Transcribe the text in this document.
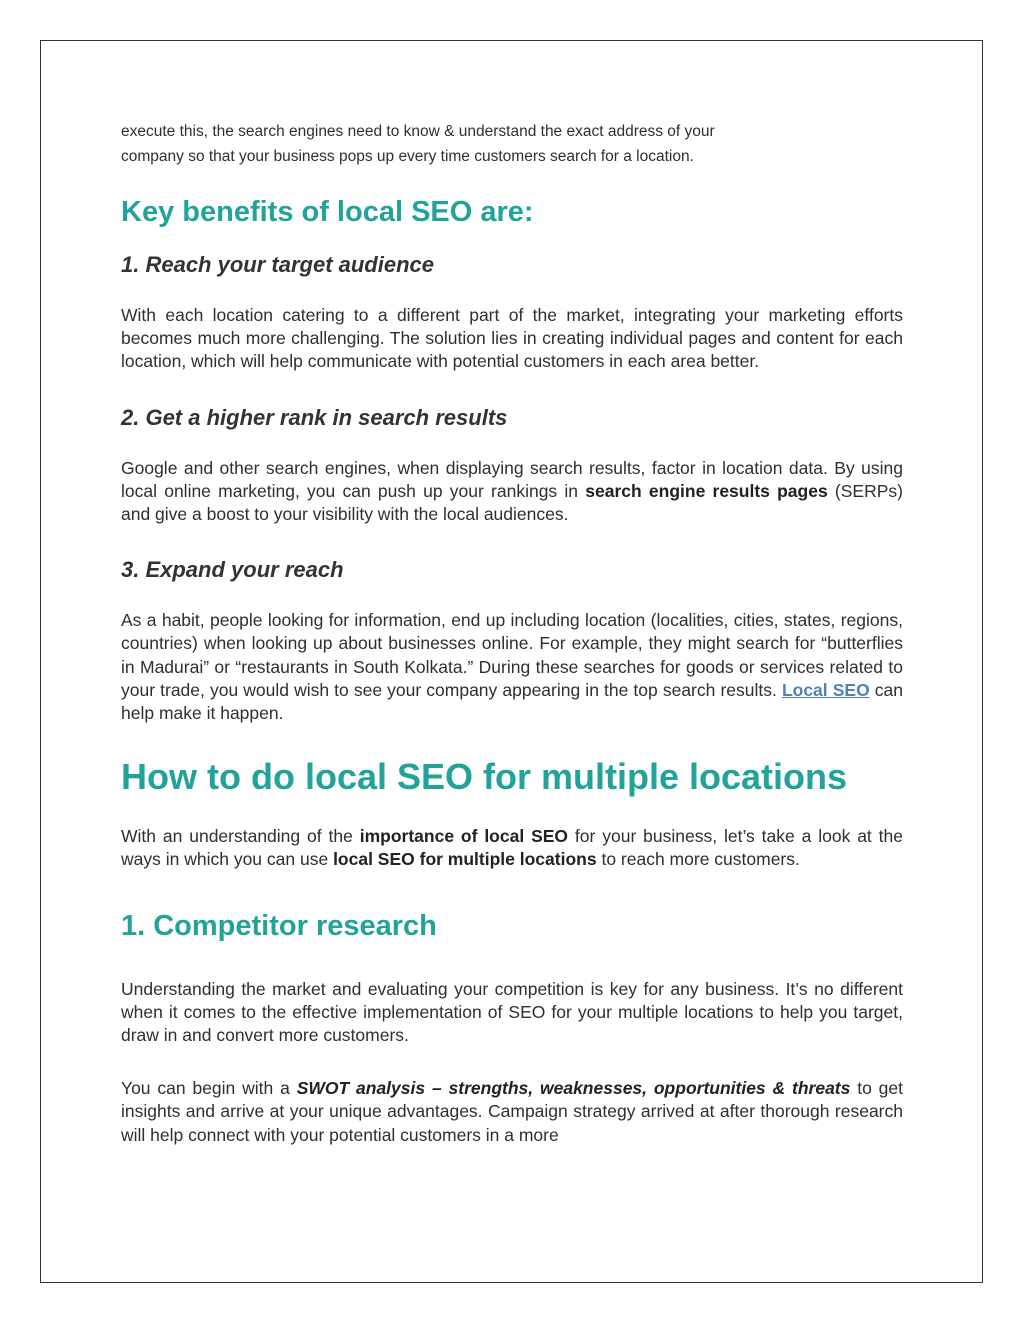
execute this, the search engines need to know & understand the exact address of your

company so that your business pops up every time customers search for a location.

Key benefits of local SEO are:
1. Reach your target audience

With each location catering to a different part of the market, integrating your marketing efforts becomes much more challenging. The solution lies in creating individual pages and content for each location, which will help communicate with potential customers in each area better.

2. Get a higher rank in search results

Google and other search engines, when displaying search results, factor in location data. By using local online marketing, you can push up your rankings in search engine results pages (SERPs) and give a boost to your visibility with the local audiences.

3. Expand your reach

As a habit, people looking for information, end up including location (localities, cities, states, regions, countries) when looking up about businesses online. For example, they might search for “butterflies in Madurai” or “restaurants in South Kolkata.” During these searches for goods or services related to your trade, you would wish to see your company appearing in the top search results. Local SEO can help make it happen.

How to do local SEO for multiple locations

With an understanding of the importance of local SEO for your business, let’s take a look at the ways in which you can use local SEO for multiple locations to reach more customers.

1. Competitor research

Understanding the market and evaluating your competition is key for any business. It’s no different when it comes to the effective implementation of SEO for your multiple locations to help you target, draw in and convert more customers.

You can begin with a SWOT analysis – strengths, weaknesses, opportunities & threats to get insights and arrive at your unique advantages. Campaign strategy arrived at after thorough research will help connect with your potential customers in a more
